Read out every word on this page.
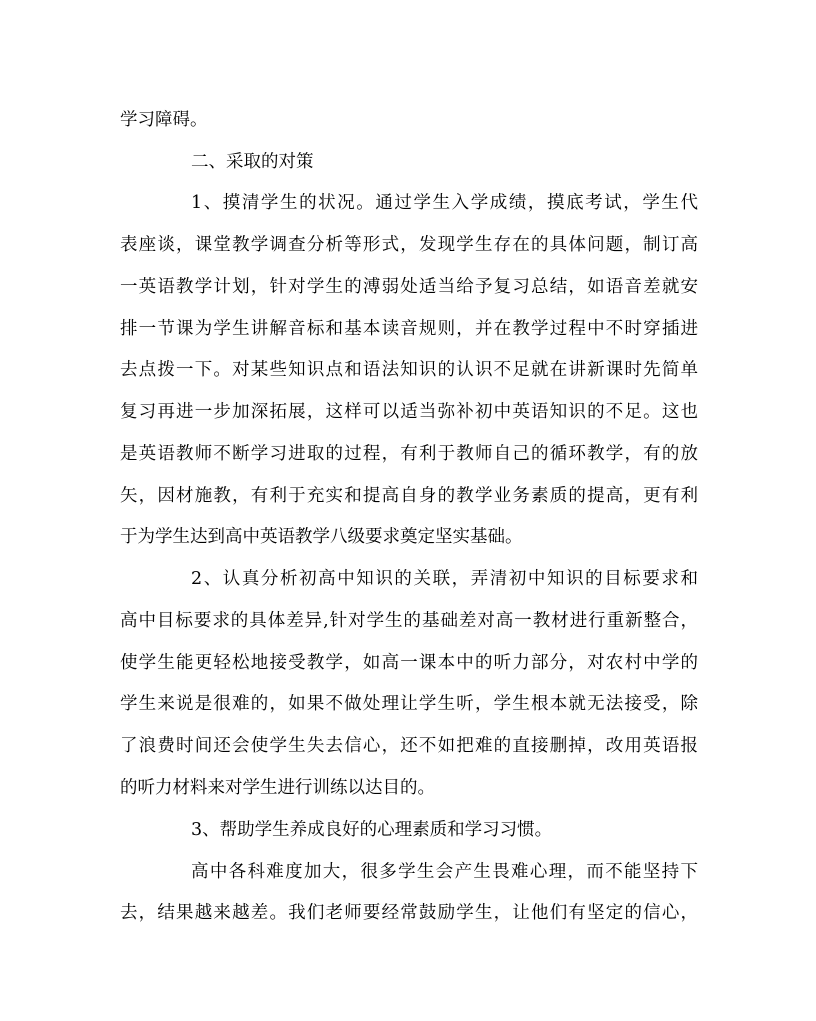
学习障碍。
二、采取的对策
1、摸清学生的状况。通过学生入学成绩，摸底考试，学生代
表座谈，课堂教学调查分析等形式，发现学生存在的具体问题，制订高
一英语教学计划，针对学生的溥弱处适当给予复习总结，如语音差就安
排一节课为学生讲解音标和基本读音规则，并在教学过程中不时穿插进
去点拨一下。对某些知识点和语法知识的认识不足就在讲新课时先简单
复习再进一步加深拓展，这样可以适当弥补初中英语知识的不足。这也
是英语教师不断学习进取的过程，有利于教师自己的循环教学，有的放
矢，因材施教，有利于充实和提高自身的教学业务素质的提高，更有利
于为学生达到高中英语教学八级要求奠定坚实基础。
2、认真分析初高中知识的关联，弄清初中知识的目标要求和
高中目标要求的具体差异,针对学生的基础差对高一教材进行重新整合，
使学生能更轻松地接受教学，如高一课本中的听力部分，对农村中学的
学生来说是很难的，如果不做处理让学生听，学生根本就无法接受，除
了浪费时间还会使学生失去信心，还不如把难的直接删掉，改用英语报
的听力材料来对学生进行训练以达目的。
3、帮助学生养成良好的心理素质和学习习惯。
高中各科难度加大，很多学生会产生畏难心理，而不能坚持下
去，结果越来越差。我们老师要经常鼓励学生，让他们有坚定的信心，
